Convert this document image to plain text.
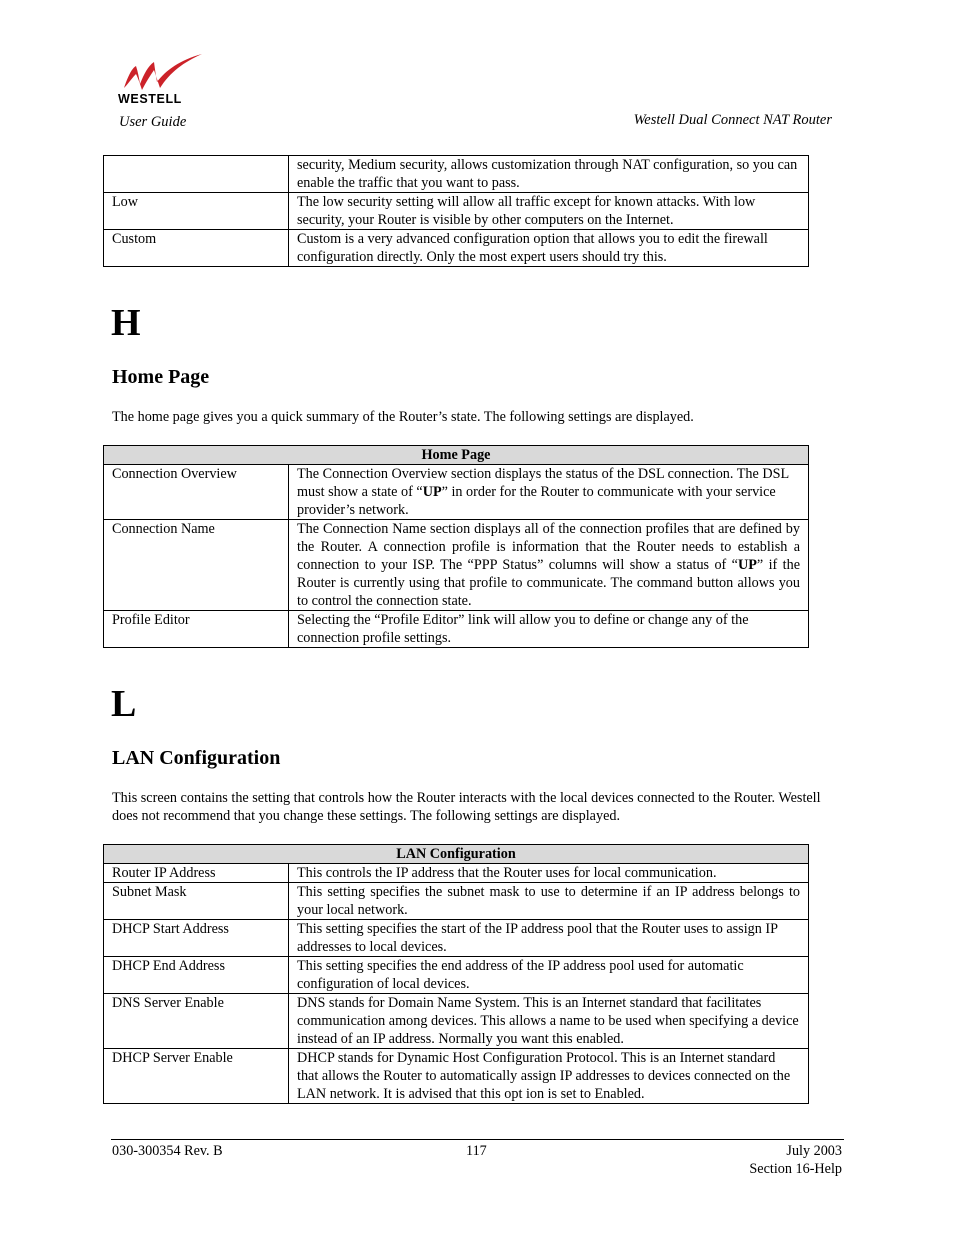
WESTELL
User Guide	Westell Dual Connect NAT Router
	security, Medium security, allows customization through NAT configuration, so you can enable the traffic that you want to pass.
Low	The low security setting will allow all traffic except for known attacks. With low security, your Router is visible by other computers on the Internet.
Custom	Custom is a very advanced configuration option that allows you to edit the firewall configuration directly. Only the most expert users should try this.
H
Home Page
The home page gives you a quick summary of the Router’s state. The following settings are displayed.
Home Page	
Connection Overview	The Connection Overview section displays the status of the DSL connection. The DSL must show a state of “UP” in order for the Router to communicate with your service provider’s network.
Connection Name	The Connection Name section displays all of the connection profiles that are defined by the Router. A connection profile is information that the Router needs to establish a connection to your ISP. The “PPP Status” columns will show a status of “UP” if the Router is currently using that profile to communicate. The command button allows you to control the connection state.
Profile Editor	Selecting the “Profile Editor” link will allow you to define or change any of the connection profile settings.
L
LAN Configuration
This screen contains the setting that controls how the Router interacts with the local devices connected to the Router. Westell does not recommend that you change these settings. The following settings are displayed.
LAN Configuration	
Router IP Address	This controls the IP address that the Router uses for local communication.
Subnet Mask	This setting specifies the subnet mask to use to determine if an IP address belongs to your local network.
DHCP Start Address	This setting specifies the start of the IP address pool that the Router uses to assign IP addresses to local devices.
DHCP End Address	This setting specifies the end address of the IP address pool used for automatic configuration of local devices.
DNS Server Enable	DNS stands for Domain Name System. This is an Internet standard that facilitates communication among devices. This allows a name to be used when specifying a device instead of an IP address. Normally you want this enabled.
DHCP Server Enable	DHCP stands for Dynamic Host Configuration Protocol. This is an Internet standard that allows the Router to automatically assign IP addresses to devices connected on the LAN network. It is advised that this opt ion is set to Enabled.
030-300354 Rev. B	117	July 2003
Section 16-Help
